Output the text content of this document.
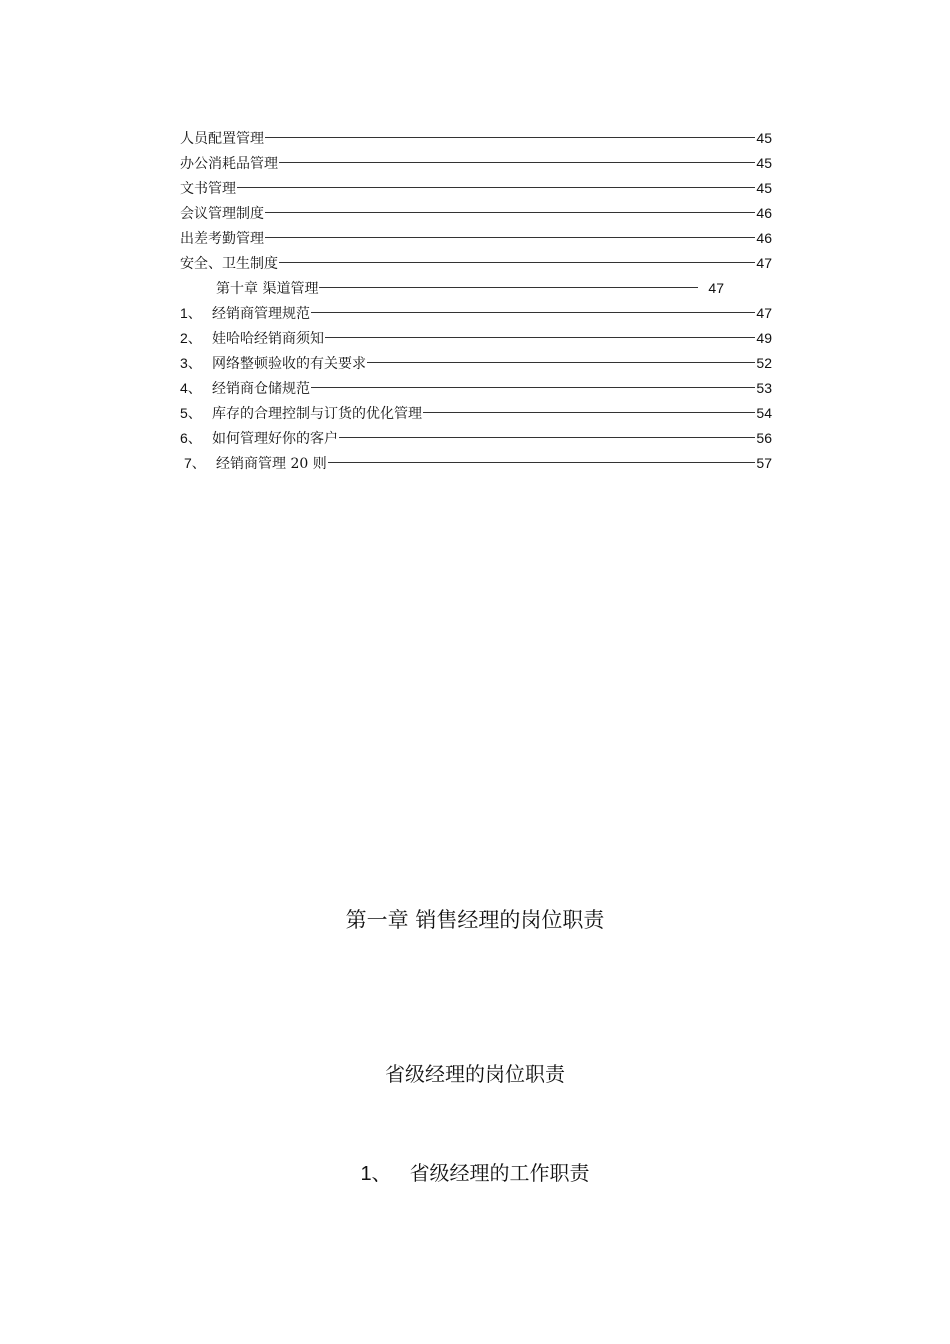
人员配置管理	45
办公消耗品管理	45
文书管理	45
会议管理制度	46
出差考勤管理	46
安全、卫生制度	47
第十章 渠道管理	47
1、 经销商管理规范	47
2、 娃哈哈经销商须知	49
3、 网络整顿验收的有关要求	52
4、 经销商仓储规范	53
5、 库存的合理控制与订货的优化管理	54
6、 如何管理好你的客户	56
7、 经销商管理 20 则	57
第一章 销售经理的岗位职责
省级经理的岗位职责
1、 省级经理的工作职责
